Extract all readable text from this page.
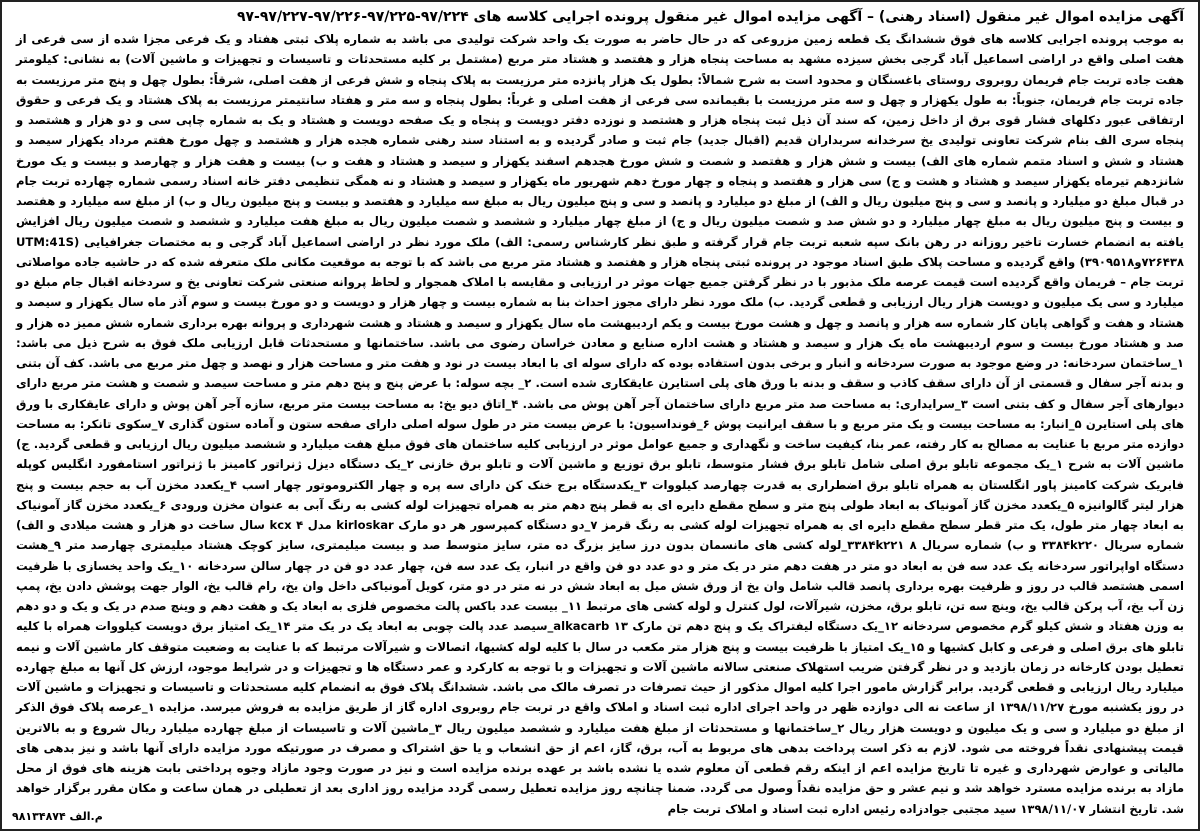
آگهی مزایده اموال غیر منقول (اسناد رهنی) – آگهی مزایده اموال غیر منقول پرونده اجرایی کلاسه های ۹۷/۲۲۴-۹۷/۲۲۵-۹۷/۲۲۶-۹۷/۲۲۷-۹۷

به موجب پرونده اجرایی کلاسه های فوق ششدانگ یک قطعه زمین مزروعی که در حال حاضر به صورت یک واحد شرکت تولیدی می باشد به شماره پلاک ثبتی هفتاد و یک فرعی مجزا شده از سی فرعی از هفت اصلی واقع در اراضی اسماعیل آباد گرجی بخش سیزده مشهد به مساحت پنجاه هزار و هفتصد و هشتاد متر مربع (مشتمل بر کلیه مستحدثات و تاسیسات و تجهیزات و ماشین آلات) به نشانی: کیلومتر هفت جاده تربت جام فریمان روبروی روستای باغسنگان و محدود است به شرح شمالاً: بطول یک هزار پانزده متر مرزیست به پلاک پنجاه و شش فرعی از هفت اصلی، شرقاً: بطول چهل و پنج متر مرزیست به جاده تربت جام فریمان، جنوباً: به طول یکهزار و چهل و سه متر مرزیست با بقیمانده سی فرعی از هفت اصلی و غرباً: بطول پنجاه و سه متر و هفتاد سانتیمتر مرزیست به پلاک هشتاد و یک فرعی و حقوق ارتفاقی عبور دکلهای فشار قوی برق از داخل زمین، که سند آن ذیل ثبت پنجاه هزار و هشتصد و نوزده دفتر دویست و پنجاه و یک صفحه دویست و هشتاد و یک به شماره چاپی سی و دو هزار و هشتصد و پنجاه سری الف بنام شرکت تعاونی تولیدی یخ سرخدانه سربداران قدیم (اقبال جدید) جام ثبت و صادر گردیده و به استناد سند رهنی شماره هجده هزار و هشتصد و چهل مورخ هفتم مرداد یکهزار سیصد و هشتاد و شش و اسناد متمم شماره های الف) بیست و شش هزار و هفتصد و شصت و شش مورخ هجدهم اسفند یکهزار و سیصد و هشتاد و هفت و ب) بیست و هفت هزار و چهارصد و بیست و یک مورخ شانزدهم تیرماه یکهزار سیصد و هشتاد و هشت و ج) سی هزار و هفتصد و پنجاه و چهار مورخ دهم شهریور ماه یکهزار و سیصد و هشتاد و نه همگی تنظیمی دفتر خانه اسناد رسمی شماره چهارده تربت جام در قبال مبلغ دو میلیارد و پانصد و سی و پنج میلیون ریال و الف) از مبلغ دو میلیارد و پانصد و سی و پنج میلیون ریال به مبلغ سه میلیارد و هفتصد و بیست و پنج میلیون ریال و ب) از مبلغ سه میلیارد و هفتصد و بیست و پنج میلیون ریال به مبلغ چهار میلیارد و دو شش صد و شصت میلیون ریال و ج) از مبلغ چهار میلیارد و ششصد و شصت میلیون ریال به مبلغ هفت میلیارد و ششصد و شصت میلیون ریال افزایش یافته به انضمام خسارت تاخیر روزانه در رهن بانک سپه شعبه تربت جام قرار گرفته و طبق نظر کارشناس رسمی: الف) ملک مورد نظر در اراضی اسماعیل آباد گرجی و به مختصات جغرافیایی (UTM:41S ۷۲۶۴۳۸و۳۹۰۹۵۱۸) واقع گردیده و مساحت پلاک طبق اسناد موجود در پرونده ثبتی پنجاه هزار و هفتصد و هشتاد متر مربع می باشد که با توجه به موقعیت مکانی ملک متعرفه شده که در حاشیه جاده مواصلاتی تربت جام – فریمان واقع گردیده است قیمت عرصه ملک مذبور با در نظر گرفتن جمیع جهات موثر در ارزیابی و مقایسه با املاک همجوار و لحاظ پروانه صنعتی شرکت تعاونی یخ و سردخانه اقبال جام مبلغ دو میلیارد و سی یک میلیون و دویست هزار ریال ارزیابی و قطعی گردید. ب) ملک مورد نظر دارای مجوز احداث بنا به شماره بیست و چهار هزار و دویست و دو مورخ بیست و سوم آذر ماه سال یکهزار و سیصد و هشتاد و هفت و گواهی پایان کار شماره سه هزار و پانصد و چهل و هشت مورخ بیست و یکم اردیبهشت ماه سال یکهزار و سیصد و هشتاد و هشت شهرداری و پروانه بهره برداری شماره شش ممیز ده هزار و صد و هشتاد مورخ بیست و سوم اردیبهشت ماه یک هزار و سیصد و هشتاد و هشت اداره صنایع و معادن خراسان رضوی می باشد. ساختمانها و مستحدثات قابل ارزیابی ملک فوق به شرح ذیل می باشد: ۱_ساختمان سردخانه: در وضع موجود به صورت سردخانه و انبار و برخی بدون استفاده بوده که دارای سوله ای با ابعاد بیست در نود و هفت متر و مساحت هزار و نهصد و چهل متر مربع می باشد. کف آن بتنی و بدنه آجر سفال و قسمتی از آن دارای سقف کاذب و سقف و بدنه با ورق های پلی استایرن عایقکاری شده است. ۲_ بچه سوله: با عرض پنج و پنج دهم متر و مساحت سیصد و شصت و هشت متر مربع دارای دیوارهای آجر سفال و کف بتنی است ۳_سرایداری: به مساحت صد متر مربع دارای ساختمان آجر آهن پوش می باشد. ۴_اتاق دیو یخ: به مساحت بیست متر مربع، سازه آجر آهن پوش و دارای عایقکاری با ورق های پلی استایرن ۵_انبار: به مساحت بیست و یک متر مربع و با سقف ایرانیت پوش ۶_فونداسیون: با عرض بیست متر در طول سوله اصلی دارای صفحه ستون و آماده ستون گذاری ۷_سکوی تانکر: به مساحت دوازده متر مربع با عنایت به مصالح به کار رفته، عمر بنا، کیفیت ساخت و نگهداری و جمیع عوامل موثر در ارزیابی کلیه ساختمان های فوق مبلغ هفت میلیارد و ششصد میلیون ریال ارزیابی و قطعی گردید. ج) ماشین آلات به شرح ۱_یک مجموعه تابلو برق اصلی شامل تابلو برق فشار متوسط، تابلو برق توزیع و ماشین آلات و تابلو برق خازنی ۲_یک دستگاه دیزل ژنراتور کامینز با ژنراتور استامفورد انگلیس کوپله فابریک شرکت کامینز پاور انگلستان به همراه تابلو برق اضطراری به قدرت چهارصد کیلووات ۳_یکدستگاه برج خنک کن دارای سه پره و چهار الکتروموتور چهار اسب ۴_یکعدد مخزن آب به حجم بیست و پنج هزار لیتر گالوانیزه ۵_یکعدد مخزن گاز آمونیاک به ابعاد طولی پنج متر و سطح مقطع دایره ای به قطر پنج دهم متر به همراه تجهیزات لوله کشی به رنگ آبی به عنوان مخزن ورودی ۶_یکعدد مخزن گاز آمونیاک به ابعاد چهار متر طول، یک متر قطر سطح مقطع دایره ای به همراه تجهیزات لوله کشی به رنگ قرمز ۷_دو دستگاه کمپرسور هر دو مارک kirloskar مدل kcx ۴ سال ساخت دو هزار و هشت میلادی و الف) شماره سریال ۳۳۸۴k۲۲۰ و ب) شماره سریال ۳۳۸۴k۲۲۱ ۸_لوله کشی های مانسمان بدون درز سایز بزرگ ده متر، سایز متوسط صد و بیست میلیمتری، سایز کوچک هشتاد میلیمتری چهارصد متر ۹_هشت دستگاه اواپراتور سردخانه یک عدد سه فن به ابعاد دو متر در هفت دهم متر در یک متر و دو عدد دو فن واقع در انبار، یک عدد سه فن، چهار عدد دو فن در چهار سالن سردخانه ۱۰_یک واحد یخسازی با ظرفیت اسمی هشتصد قالب در روز و ظرفیت بهره برداری پانصد قالب شامل وان یخ از ورق شش میل به ابعاد شش در نه متر در دو متر، کویل آمونیاکی داخل وان یخ، رام قالب یخ، الوار جهت پوشش دادن یخ، پمپ زن آب یخ، آب پرکن قالب یخ، وینچ سه تن، تابلو برق، مخزن، شیرآلات، لول کنترل و لوله کشی های مرتبط ۱۱_ بیست عدد باکس پالت مخصوص فلزی به ابعاد یک و هفت دهم و وینچ صدم در یک و یک و دو دهم به وزن هفتاد و شش کیلو گرم مخصوص سردخانه ۱۲_یک دستگاه لیفتراک یک و پنج دهم تن مارک alkacarb ۱۳_سیصد عدد پالت چوبی به ابعاد یک در یک متر ۱۴_یک امتیاز برق دویست کیلووات همراه با کلیه تابلو های برق اصلی و فرعی و کابل کشیها و ۱۵_یک امتیاز با ظرفیت بیست و پنج هزار متر مکعب در سال با کلیه لوله کشیها، اتصالات و شیرآلات مرتبط که با عنایت به وضعیت متوقف کار ماشین آلات و نیمه تعطیل بودن کارخانه در زمان بازدید و در نظر گرفتن ضریب استهلاک صنعتی سالانه ماشین آلات و تجهیزات و با توجه به کارکرد و عمر دستگاه ها و تجهیزات و در شرایط موجود، ارزش کل آنها به مبلغ چهارده میلیارد ریال ارزیابی و قطعی گردید. برابر گزارش مامور اجرا کلیه اموال مذکور از حیث تصرفات در تصرف مالک می باشد. ششدانگ پلاک فوق به انضمام کلیه مستحدثات و تاسیسات و تجهیزات و ماشین آلات در روز یکشنبه مورخ ۱۳۹۸/۱۱/۲۷ از ساعت نه الی دوازده ظهر در واحد اجرای اداره ثبت اسناد و املاک واقع در تربت جام روبروی اداره گاز از طریق مزایده به فروش میرسد. مزایده ۱_عرصه پلاک فوق الذکر از مبلغ دو میلیارد و سی و یک میلیون و دویست هزار ریال ۲_ساختمانها و مستحدثات از مبلغ هفت میلیارد و ششصد میلیون ریال ۳_ماشین آلات و تاسیسات از مبلغ چهارده میلیارد ریال شروع و به بالاترین قیمت پیشنهادی نقداً فروخته می شود. لازم به ذکر است پرداخت بدهی های مربوط به آب، برق، گاز، اعم از حق انشعاب و یا حق اشتراک و مصرف در صورتیکه مورد مزایده دارای آنها باشد و نیز بدهی های مالیاتی و عوارض شهرداری و غیره تا تاریخ مزایده اعم از اینکه رقم قطعی آن معلوم شده یا نشده باشد بر عهده برنده مزایده است و نیز در صورت وجود مازاد وجوه پرداختی بابت هزینه های فوق از محل مازاد به برنده مزایده مسترد خواهد شد و نیم عشر و حق مزایده نقداً وصول می گردد. ضمنا چنانچه روز مزایده تعطیل رسمی گردد مزایده روز اداری بعد از تعطیلی در همان ساعت و مکان مقرر برگزار خواهد شد. تاریخ انتشار ۱۳۹۸/۱۱/۰۷ سید مجتبی جوادزاده رئیس اداره ثبت اسناد و املاک تربت جام

م.الف ۹۸۱۳۴۸۷۴
